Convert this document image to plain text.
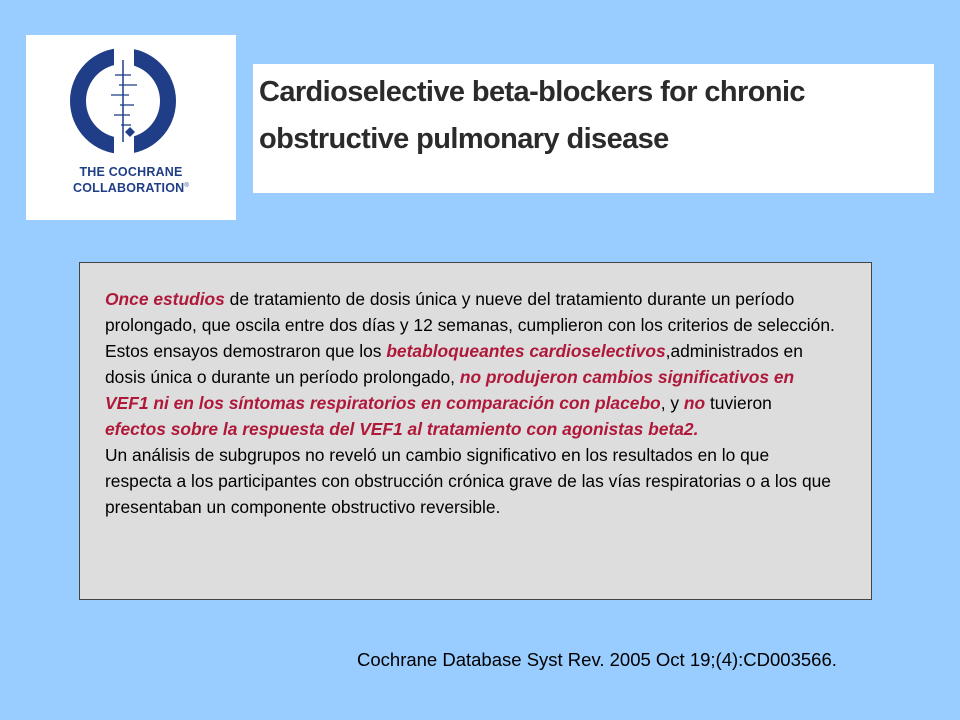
THE COCHRANE
COLLABORATION®
Cardioselective beta-blockers for chronic obstructive pulmonary disease

Once estudios de tratamiento de dosis única y nueve del tratamiento durante un período prolongado, que oscila entre dos días y 12 semanas, cumplieron con los criterios de selección. Estos ensayos demostraron que los betabloqueantes cardioselectivos,administrados en dosis única o durante un período prolongado, no produjeron cambios significativos en VEF1 ni en los síntomas respiratorios en comparación con placebo, y no tuvieron efectos sobre la respuesta del VEF1 al tratamiento con agonistas beta2.

Un análisis de subgrupos no reveló un cambio significativo en los resultados en lo que respecta a los participantes con obstrucción crónica grave de las vías respiratorias o a los que presentaban un componente obstructivo reversible.

Cochrane Database Syst Rev. 2005 Oct 19;(4):CD003566.
